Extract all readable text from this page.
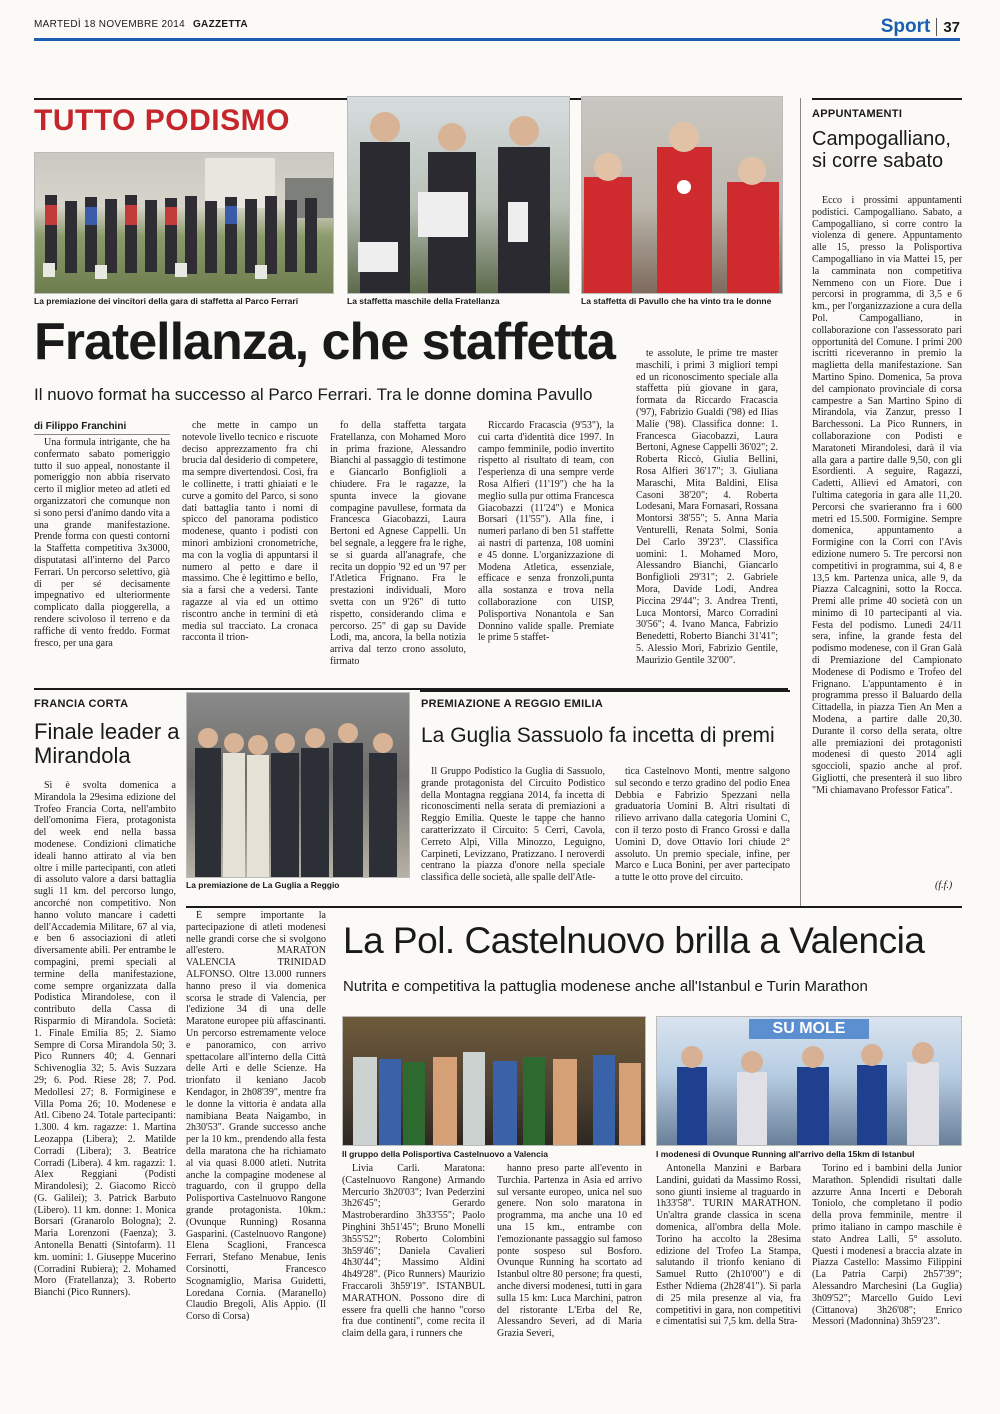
MARTEDÌ 18 NOVEMBRE 2014 GAZZETTA	Sport 37
TUTTO PODISMO
La premiazione dei vincitori della gara di staffetta al Parco Ferrari	La staffetta maschile della Fratellanza	La staffetta di Pavullo che ha vinto tra le donne
Fratellanza, che staffetta
Il nuovo format ha successo al Parco Ferrari. Tra le donne domina Pavullo
di Filippo Franchini

Una formula intrigante, che ha confermato sabato pomeriggio tutto il suo appeal, nonostante il pomeriggio non abbia riservato certo il miglior meteo ad atleti ed organizzatori che comunque non si sono persi d'animo dando vita a una grande manifestazione. Prende forma con questi contorni la Staffetta competitiva 3x3000, disputatasi all'interno del Parco Ferrari. Un percorso selettivo, già di per sé decisamente impegnativo ed ulteriormente complicato dalla pioggerella, a rendere scivoloso il terreno e da raffiche di vento freddo. Format fresco, per una gara

che mette in campo un notevole livello tecnico e riscuote deciso apprezzamento fra chi brucia dal desiderio di competere, ma sempre divertendosi. Così, fra le collinette, i tratti ghiaiati e le curve a gomito del Parco, si sono dati battaglia tanto i nomi di spicco del panorama podistico modenese, quanto i podisti con minori ambizioni cronometriche, ma con la voglia di appuntarsi il numero al petto e dare il massimo. Che è legittimo e bello, sia a farsi che a vedersi. Tante ragazze al via ed un ottimo riscontro anche in termini di età media sul tracciato. La cronaca racconta il trion-

fo della staffetta targata Fratellanza, con Mohamed Moro in prima frazione, Alessandro Bianchi al passaggio di testimone e Giancarlo Bonfiglioli a chiudere. Fra le ragazze, la spunta invece la giovane compagine pavullese, formata da Francesca Giacobazzi, Laura Bertoni ed Agnese Cappelli. Un bel segnale, a leggere fra le righe, se si guarda all'anagrafe, che recita un doppio '92 ed un '97 per l'Atletica Frignano. Fra le prestazioni individuali, Moro svetta con un 9'26" di tutto rispetto, considerando clima e percorso. 25" di gap su Davide Lodi, ma, ancora, la bella notizia arriva dal terzo crono assoluto, firmato

Riccardo Fracascia (9'53"), la cui carta d'identità dice 1997. In campo femminile, podio invertito rispetto al risultato di team, con l'esperienza di una sempre verde Rosa Alfieri (11'19") che ha la meglio sulla pur ottima Francesca Giacobazzi (11'24") e Monica Borsari (11'55"). Alla fine, i numeri parlano di ben 51 staffette ai nastri di partenza, 108 uomini e 45 donne. L'organizzazione di Modena Atletica, essenziale, efficace e senza fronzoli,punta alla sostanza e trova nella collaborazione con UISP, Polisportiva Nonantola e San Donnino valide spalle. Premiate le prime 5 staffet-

te assolute, le prime tre master maschili, i primi 3 migliori tempi ed un riconoscimento speciale alla staffetta più giovane in gara, formata da Riccardo Fracascia ('97), Fabrizio Gualdi ('98) ed Ilias Malie ('98). Classifica donne: 1. Francesca Giacobazzi, Laura Bertoni, Agnese Cappelli 36'02"; 2. Roberta Riccò, Giulia Bellini, Rosa Alfieri 36'17"; 3. Giuliana Maraschi, Mita Baldini, Elisa Casoni 38'20"; 4. Roberta Lodesani, Mara Fornasari, Rossana Montorsi 38'55"; 5. Anna Maria Venturelli, Renata Solmi, Sonia Del Carlo 39'23". Classifica uomini: 1. Mohamed Moro, Alessandro Bianchi, Giancarlo Bonfiglioli 29'31"; 2. Gabriele Mora, Davide Lodi, Andrea Piccina 29'44"; 3. Andrea Trenti, Luca Montorsi, Marco Corradini 30'56"; 4. Ivano Manca, Fabrizio Benedetti, Roberto Bianchi 31'41"; 5. Alessio Mori, Fabrizio Gentile, Maurizio Gentile 32'00".

APPUNTAMENTI
Campogalliano, si corre sabato

Ecco i prossimi appuntamenti podistici. Campogalliano. Sabato, a Campogalliano, si corre contro la violenza di genere. Appuntamento alle 15, presso la Polisportiva Campogalliano in via Mattei 15, per la camminata non competitiva Nemmeno con un Fiore. Due i percorsi in programma, di 3,5 e 6 km., per l'organizzazione a cura della Pol. Campogalliano, in collaborazione con l'assessorato pari opportunità del Comune. I primi 200 iscritti riceveranno in premio la maglietta della manifestazione. San Martino Spino. Domenica, 5a prova del campionato provinciale di corsa campestre a San Martino Spino di Mirandola, via Zanzur, presso I Barchessoni. La Pico Runners, in collaborazione con Podisti e Maratoneti Mirandolesi, darà il via alla gara a partire dalle 9,50, con gli Esordienti. A seguire, Ragazzi, Cadetti, Allievi ed Amatori, con l'ultima categoria in gara alle 11,20. Percorsi che svarieranno fra i 600 metri ed 15.500. Formigine. Sempre domenica, appuntamento a Formigine con la Corri con l'Avis edizione numero 5. Tre percorsi non competitivi in programma, sui 4, 8 e 13,5 km. Partenza unica, alle 9, da Piazza Calcagnini, sotto la Rocca. Premi alle prime 40 società con un minimo di 10 partecipanti al via. Festa del podismo. Lunedì 24/11 sera, infine, la grande festa del podismo modenese, con il Gran Galà di Premiazione del Campionato Modenese di Podismo e Trofeo del Frignano. L'appuntamento è in programma presso il Baluardo della Cittadella, in piazza Tien An Men a Modena, a partire dalle 20,30. Durante il corso della serata, oltre alle premiazioni dei protagonisti modenesi di questo 2014 agli sgoccioli, spazio anche al prof. Gigliotti, che presenterà il suo libro "Mi chiamavano Professor Fatica".

(f.f.)
FRANCIA CORTA
Finale leader a Mirandola

Si è svolta domenica a Mirandola la 29esima edizione del Trofeo Francia Corta, nell'ambito dell'omonima Fiera, protagonista del week end nella bassa modenese. Condizioni climatiche ideali hanno attirato al via ben oltre i mille partecipanti, con atleti di assoluto valore a darsi battaglia sugli 11 km. del percorso lungo, ancorché non competitivo. Non hanno voluto mancare i cadetti dell'Accademia Militare, 67 al via, e ben 6 associazioni di atleti diversamente abili. Per entrambe le compagini, premi speciali al termine della manifestazione, come sempre organizzata dalla Podistica Mirandolese, con il contributo della Cassa di Risparmio di Mirandola. Società: 1. Finale Emilia 85; 2. Siamo Sempre di Corsa Mirandola 50; 3. Pico Runners 40; 4. Gennari Schivenoglia 32; 5. Avis Suzzara 29; 6. Pod. Riese 28; 7. Pod. Medollesi 27; 8. Formiginese e Villa Poma 26; 10. Modenese e Atl. Cibeno 24. Totale partecipanti: 1.300. 4 km. ragazze: 1. Martina Leozappa (Libera); 2. Matilde Corradi (Libera); 3. Beatrice Corradi (Libera). 4 km. ragazzi: 1. Alex Reggiani (Podisti Mirandolesi); 2. Giacomo Riccò (G. Galilei); 3. Patrick Barbuto (Libero). 11 km. donne: 1. Monica Borsari (Granarolo Bologna); 2. Maria Lorenzoni (Faenza); 3. Antonella Benatti (Sintofarm). 11 km. uomini: 1. Giuseppe Mucerino (Corradini Rubiera); 2. Mohamed Moro (Fratellanza); 3. Roberto Bianchi (Pico Runners).

La premiazione de La Guglia a Reggio
PREMIAZIONE A REGGIO EMILIA
La Guglia Sassuolo fa incetta di premi

Il Gruppo Podistico la Guglia di Sassuolo, grande protagonista del Circuito Podistico della Montagna reggiana 2014, fa incetta di riconoscimenti nella serata di premiazioni a Reggio Emilia. Queste le tappe che hanno caratterizzato il Circuito: 5 Cerri, Cavola, Cerreto Alpi, Villa Minozzo, Leguigno, Carpineti, Levizzano, Pratizzano. I neroverdi centrano la piazza d'onore nella speciale classifica delle società, alle spalle dell'Atle-

tica Castelnovo Monti, mentre salgono sul secondo e terzo gradino del podio Enea Debbia e Fabrizio Spezzani nella graduatoria Uomini B. Altri risultati di rilievo arrivano dalla categoria Uomini C, con il terzo posto di Franco Grossi e dalla Uomini D, dove Ottavio Iori chiude 2° assoluto. Un premio speciale, infine, per Marco e Luca Bonini, per aver partecipato a tutte le otto prove del circuito.

È sempre importante la partecipazione di atleti modenesi nelle grandi corse che si svolgono all'estero. MARATON VALENCIA TRINIDAD ALFONSO. Oltre 13.000 runners hanno preso il via domenica scorsa le strade di Valencia, per l'edizione 34 di una delle Maratone europee più affascinanti. Un percorso estremamente veloce e panoramico, con arrivo spettacolare all'interno della Città delle Arti e delle Scienze. Ha trionfato il keniano Jacob Kendagor, in 2h08'39", mentre fra le donne la vittoria è andata alla namibiana Beata Naigambo, in 2h30'53". Grande successo anche per la 10 km., prendendo alla festa della maratona che ha richiamato al via quasi 8.000 atleti. Nutrita anche la compagine modenese al traguardo, con il gruppo della Polisportiva Castelnuovo Rangone grande protagonista. 10km.: (Ovunque Running) Rosanna Gasparini. (Castelnuovo Rangone) Elena Scaglioni, Francesca Ferrari, Stefano Menabue, Ienis Corsinotti, Francesco Scognamiglio, Marisa Guidetti, Loredana Cornia. (Maranello) Claudio Bregoli, Alis Appio. (Il Corso di Corsa)

La Pol. Castelnuovo brilla a Valencia
Nutrita e competitiva la pattuglia modenese anche all'Istanbul e Turin Marathon
Il gruppo della Polisportiva Castelnuovo a Valencia
SU MOLE
I modenesi di Ovunque Running all'arrivo della 15km di Istanbul

Livia Carli. Maratona: (Castelnuovo Rangone) Armando Mercurio 3h20'03"; Ivan Pederzini 3h26'45"; Gerardo Mastroberardino 3h33'55"; Paolo Pinghini 3h51'45"; Bruno Monelli 3h55'52"; Roberto Colombini 3h59'46"; Daniela Cavalieri 4h30'44"; Massimo Aldini 4h49'28". (Pico Runners) Maurizio Fraccaroli 3h59'19". ISTANBUL MARATHON. Possono dire di essere fra quelli che hanno "corso fra due continenti", come recita il claim della gara, i runners che

hanno preso parte all'evento in Turchia. Partenza in Asia ed arrivo sul versante europeo, unica nel suo genere. Non solo maratona in programma, ma anche una 10 ed una 15 km., entrambe con l'emozionante passaggio sul famoso ponte sospeso sul Bosforo. Ovunque Running ha scortato ad Istanbul oltre 80 persone; fra questi, anche diversi modenesi, tutti in gara sulla 15 km: Luca Marchini, patron del ristorante L'Erba del Re, Alessandro Severi, ad di Maria Grazia Severi,

Antonella Manzini e Barbara Landini, guidati da Massimo Rossi, sono giunti insieme al traguardo in 1h33'58". TURIN MARATHON. Un'altra grande classica in scena domenica, all'ombra della Mole. Torino ha accolto la 28esima edizione del Trofeo La Stampa, salutando il trionfo keniano di Samuel Rutto (2h10'00") e di Esther Ndiema (2h28'41"). Si parla di 25 mila presenze al via, fra competitivi in gara, non competitivi e cimentatisi sui 7,5 km. della Stra-

Torino ed i bambini della Junior Marathon. Splendidi risultati dalle azzurre Anna Incerti e Deborah Toniolo, che completano il podio della prova femminile, mentre il primo italiano in campo maschile è stato Andrea Lalli, 5° assoluto. Questi i modenesi a braccia alzate in Piazza Castello: Massimo Filippini (La Patria Carpi) 2h57'39"; Alessandro Marchesini (La Guglia) 3h09'52"; Marcello Guido Levi (Cittanova) 3h26'08"; Enrico Messori (Madonnina) 3h59'23".
